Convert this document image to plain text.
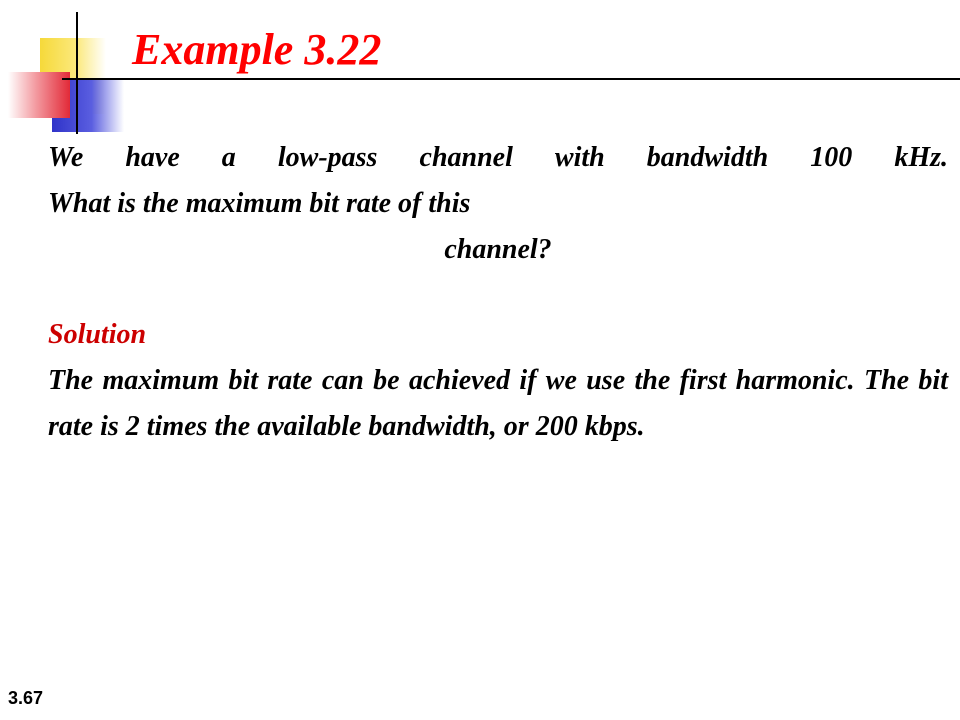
Example 3.22
We have a low-pass channel with bandwidth 100 kHz.
What is the maximum bit rate of this
channel?
Solution
The maximum bit rate can be achieved if we use the first harmonic. The bit rate is 2 times the available bandwidth, or 200 kbps.
3.67
